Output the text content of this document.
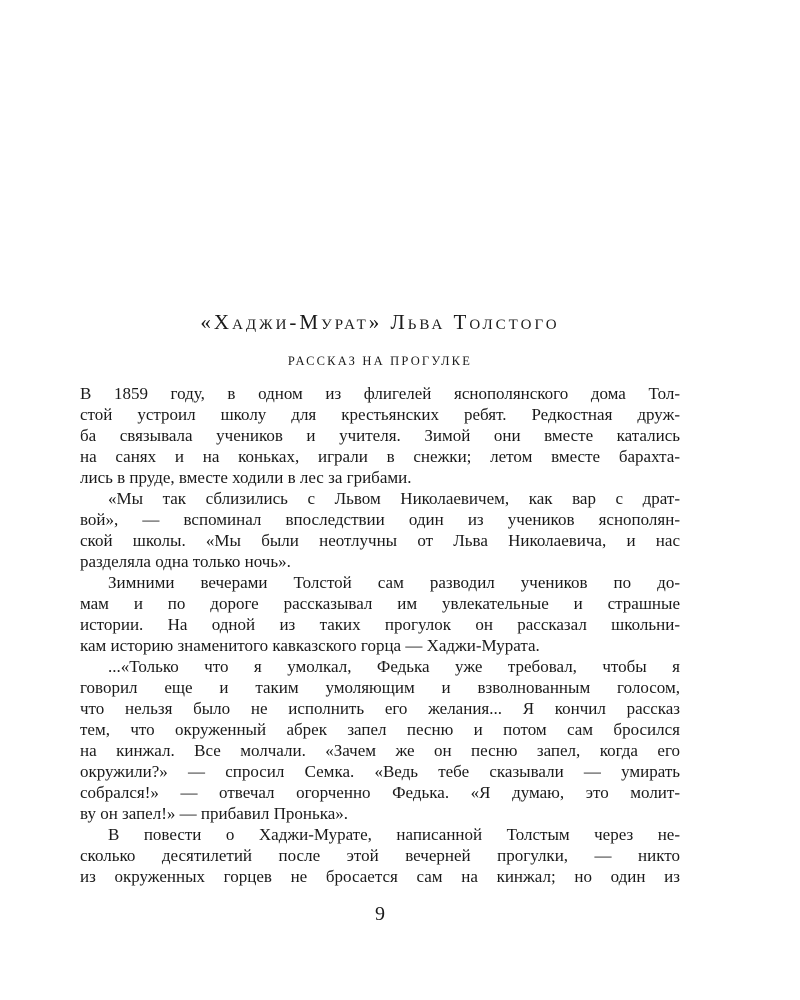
«Хаджи-Мурат» Льва Толстого
РАССКАЗ НА ПРОГУЛКЕ
В 1859 году, в одном из флигелей яснополянского дома Тол-
стой устроил школу для крестьянских ребят. Редкостная друж-
ба связывала учеников и учителя. Зимой они вместе катались
на санях и на коньках, играли в снежки; летом вместе барахта-
лись в пруде, вместе ходили в лес за грибами.
«Мы так сблизились с Львом Николаевичем, как вар с драт-
вой», — вспоминал впоследствии один из учеников яснополян-
ской школы. «Мы были неотлучны от Льва Николаевича, и нас
разделяла одна только ночь».
Зимними вечерами Толстой сам разводил учеников по до-
мам и по дороге рассказывал им увлекательные и страшные
истории. На одной из таких прогулок он рассказал школьни-
кам историю знаменитого кавказского горца — Хаджи-Мурата.
...«Только что я умолкал, Федька уже требовал, чтобы я
говорил еще и таким умоляющим и взволнованным голосом,
что нельзя было не исполнить его желания... Я кончил рассказ
тем, что окруженный абрек запел песню и потом сам бросился
на кинжал. Все молчали. «Зачем же он песню запел, когда его
окружили?» — спросил Семка. «Ведь тебе сказывали — умирать
собрался!» — отвечал огорченно Федька. «Я думаю, это молит-
ву он запел!» — прибавил Пронька».
В повести о Хаджи-Мурате, написанной Толстым через не-
сколько десятилетий после этой вечерней прогулки, — никто
из окруженных горцев не бросается сам на кинжал; но один из
9
